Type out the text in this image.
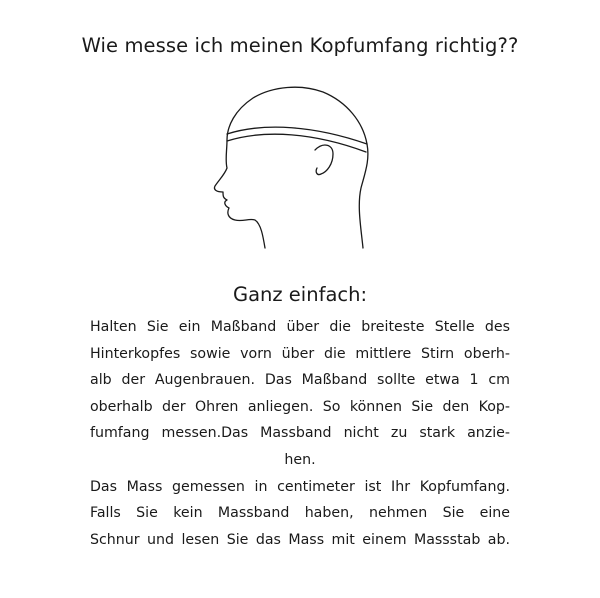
Wie messe ich meinen Kopfumfang richtig??
Ganz einfach:
Halten Sie ein Maßband über die breiteste Stelle des
Hinterkopfes sowie vorn über die mittlere Stirn oberh-
alb der Augenbrauen. Das Maßband sollte etwa 1 cm
oberhalb der Ohren anliegen. So können Sie den Kop-
fumfang messen.Das Massband nicht zu stark anzie-
hen.
Das Mass gemessen in centimeter ist Ihr Kopfumfang.
Falls Sie kein Massband haben, nehmen Sie eine
Schnur und lesen Sie das Mass mit einem Massstab ab.
